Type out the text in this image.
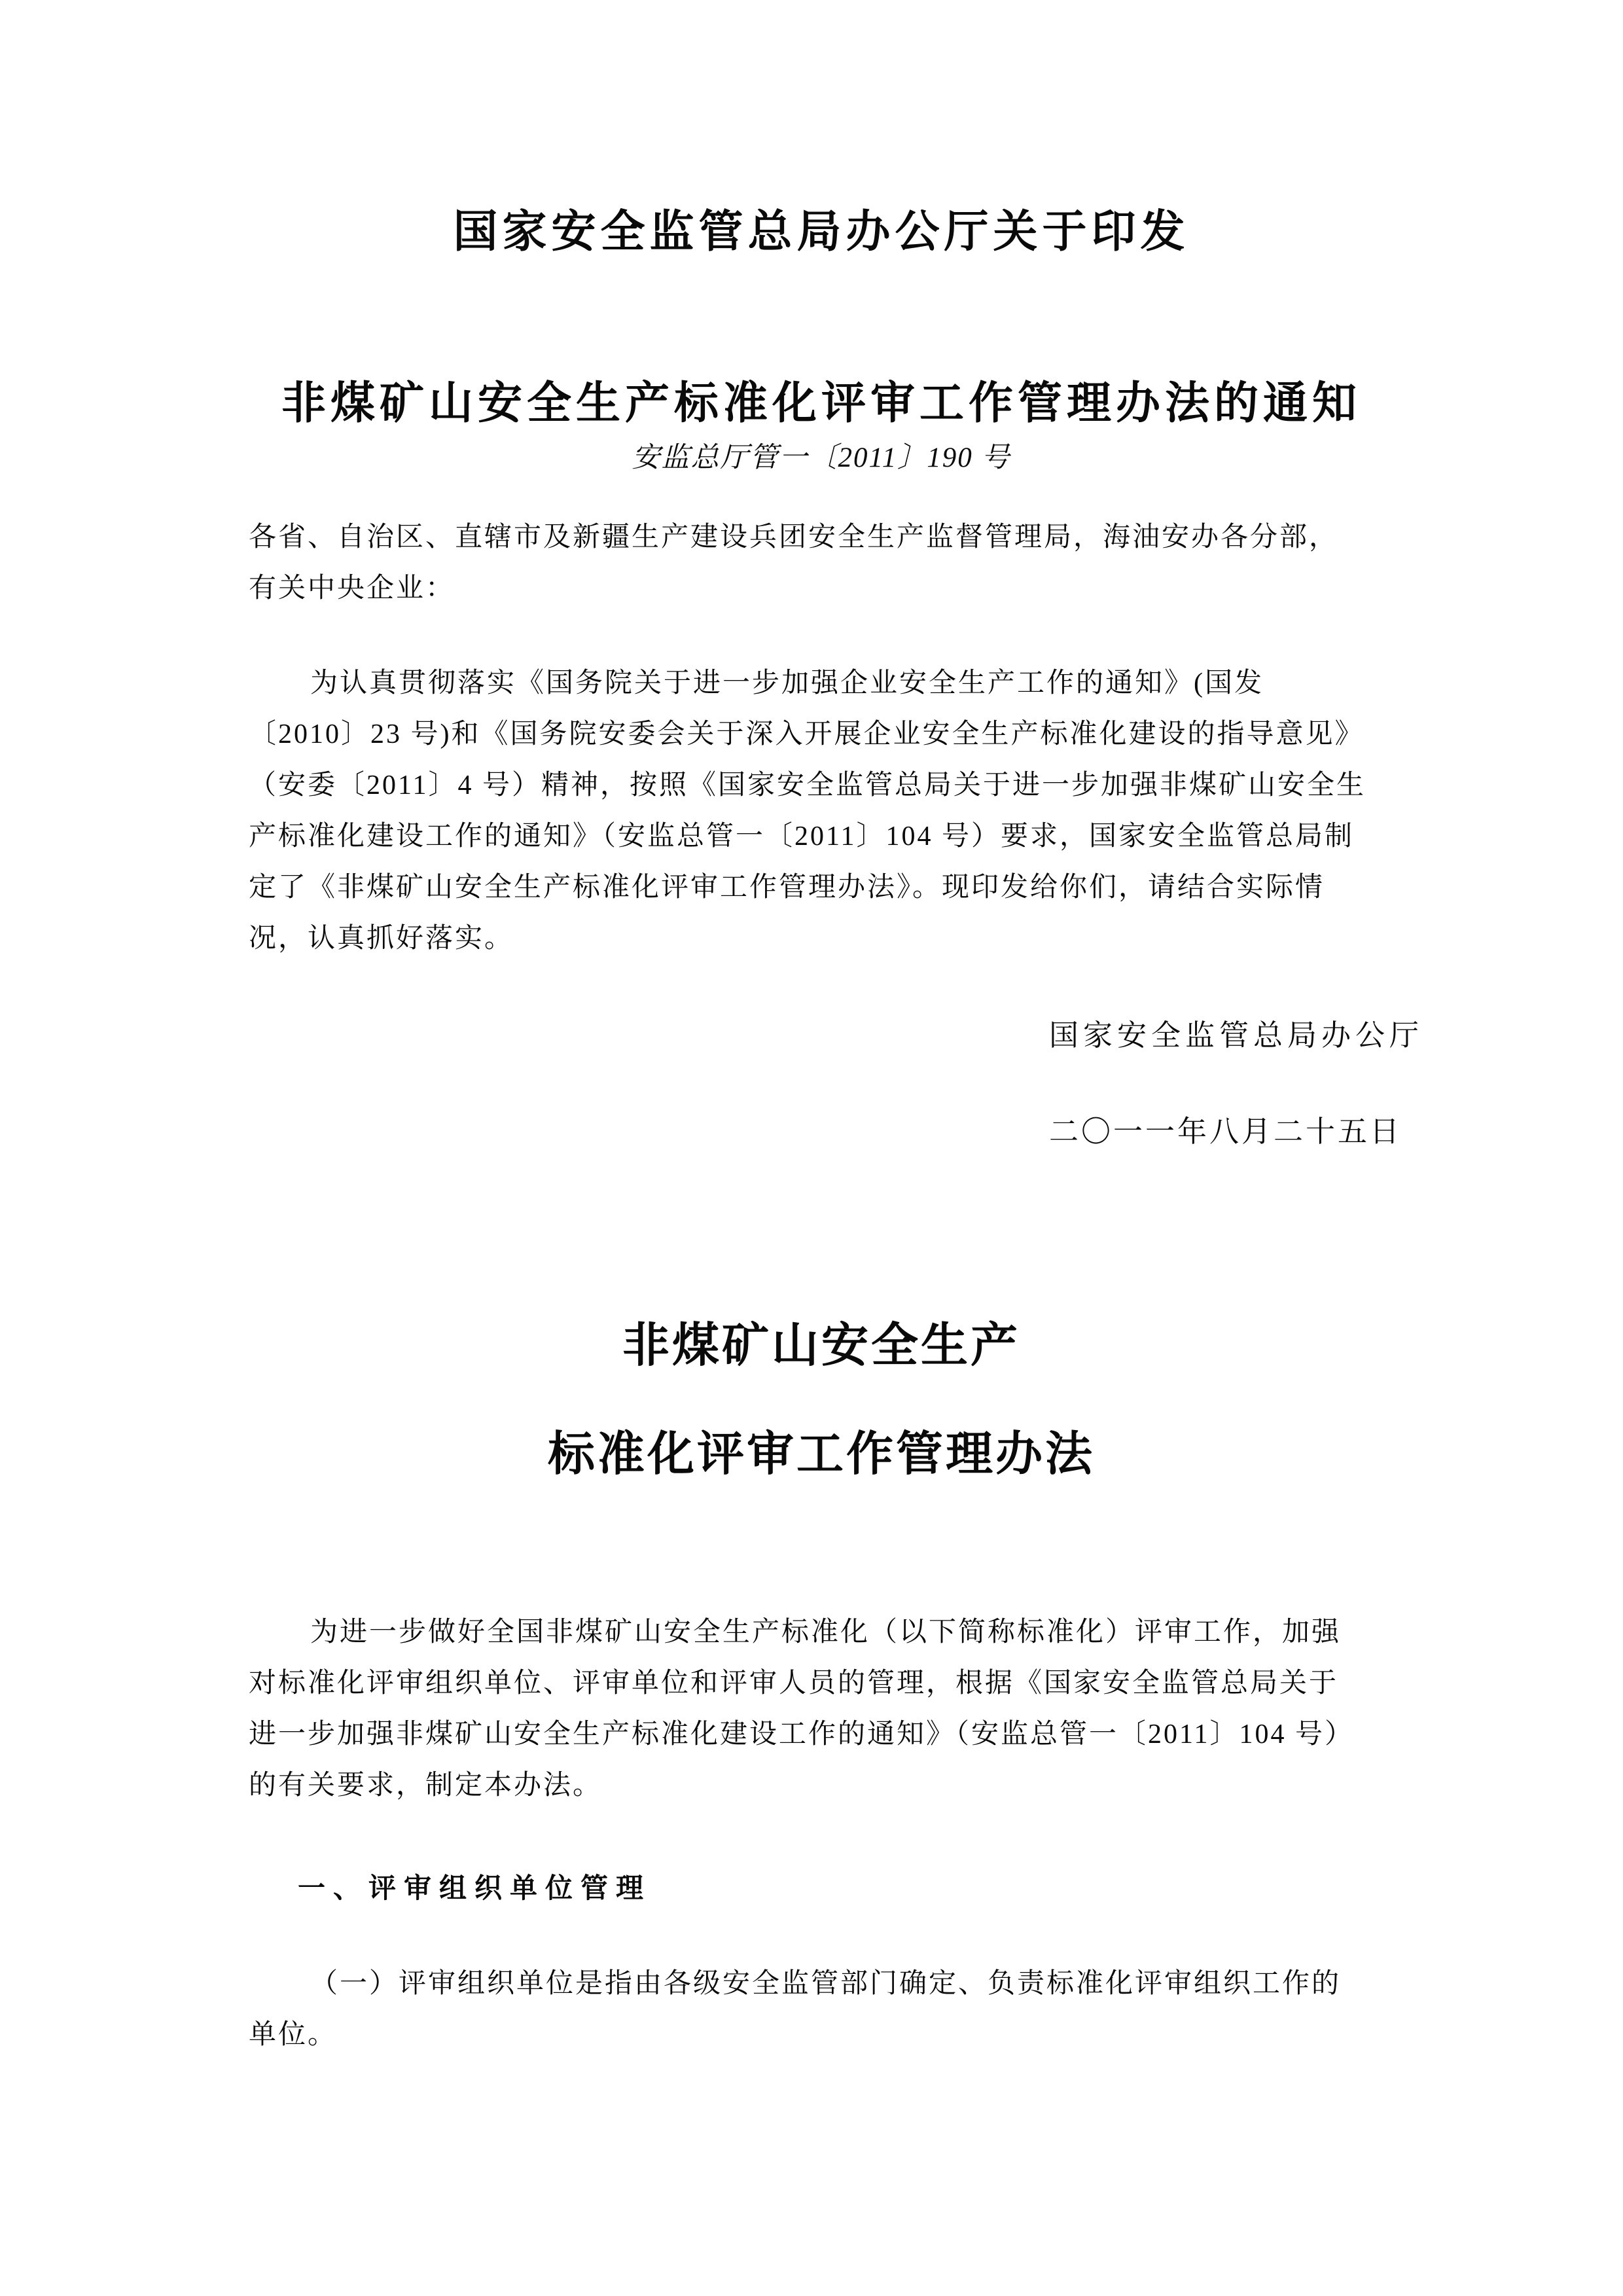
国家安全监管总局办公厅关于印发
非煤矿山安全生产标准化评审工作管理办法的通知
安监总厅管一〔2011〕190 号
各省、自治区、直辖市及新疆生产建设兵团安全生产监督管理局，海油安办各分部，
有关中央企业：
为认真贯彻落实《国务院关于进一步加强企业安全生产工作的通知》(国发
〔2010〕23 号)和《国务院安委会关于深入开展企业安全生产标准化建设的指导意见》
（安委〔2011〕4 号）精神，按照《国家安全监管总局关于进一步加强非煤矿山安全生
产标准化建设工作的通知》（安监总管一〔2011〕104 号）要求，国家安全监管总局制
定了《非煤矿山安全生产标准化评审工作管理办法》。现印发给你们，请结合实际情
况，认真抓好落实。
国家安全监管总局办公厅
二〇一一年八月二十五日
非煤矿山安全生产
标准化评审工作管理办法
为进一步做好全国非煤矿山安全生产标准化（以下简称标准化）评审工作，加强
对标准化评审组织单位、评审单位和评审人员的管理，根据《国家安全监管总局关于
进一步加强非煤矿山安全生产标准化建设工作的通知》（安监总管一〔2011〕104 号）
的有关要求，制定本办法。
一、评审组织单位管理
（一）评审组织单位是指由各级安全监管部门确定、负责标准化评审组织工作的
单位。
